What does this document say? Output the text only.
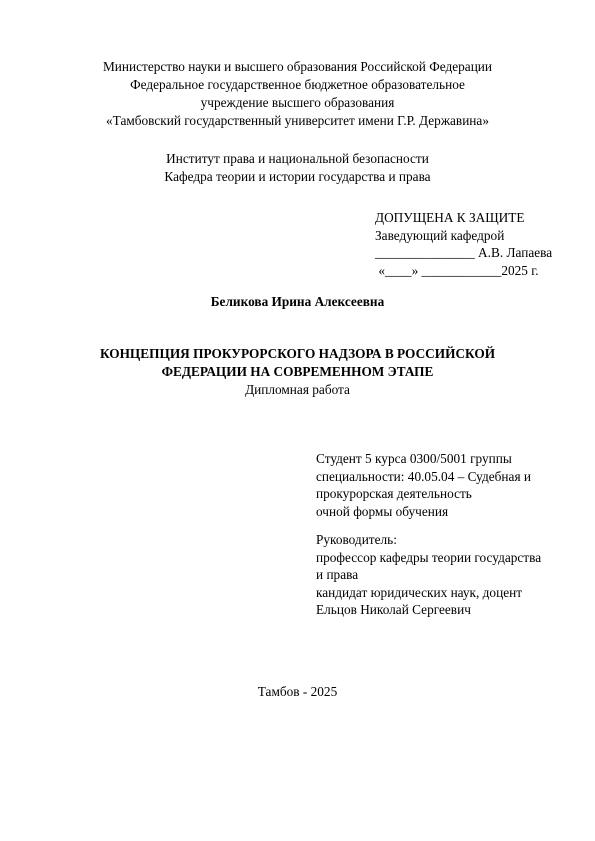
Министерство науки и высшего образования Российской Федерации
Федеральное государственное бюджетное образовательное
учреждение высшего образования
«Тамбовский государственный университет имени Г.Р. Державина»
Институт права и национальной безопасности
Кафедра теории и истории государства и права
ДОПУЩЕНА К ЗАЩИТЕ
Заведующий кафедрой
_______________ А.В. Лапаева
«____» ____________2025 г.
Беликова Ирина Алексеевна
КОНЦЕПЦИЯ ПРОКУРОРСКОГО НАДЗОРА В РОССИЙСКОЙ
ФЕДЕРАЦИИ НА СОВРЕМЕННОМ ЭТАПЕ
Дипломная работа
Студент 5 курса 0300/5001 группы
специальности: 40.05.04 – Судебная и
прокурорская деятельность
очной формы обучения
Руководитель:
профессор кафедры теории государства
и права
кандидат юридических наук, доцент
Ельцов Николай Сергеевич
Тамбов - 2025
